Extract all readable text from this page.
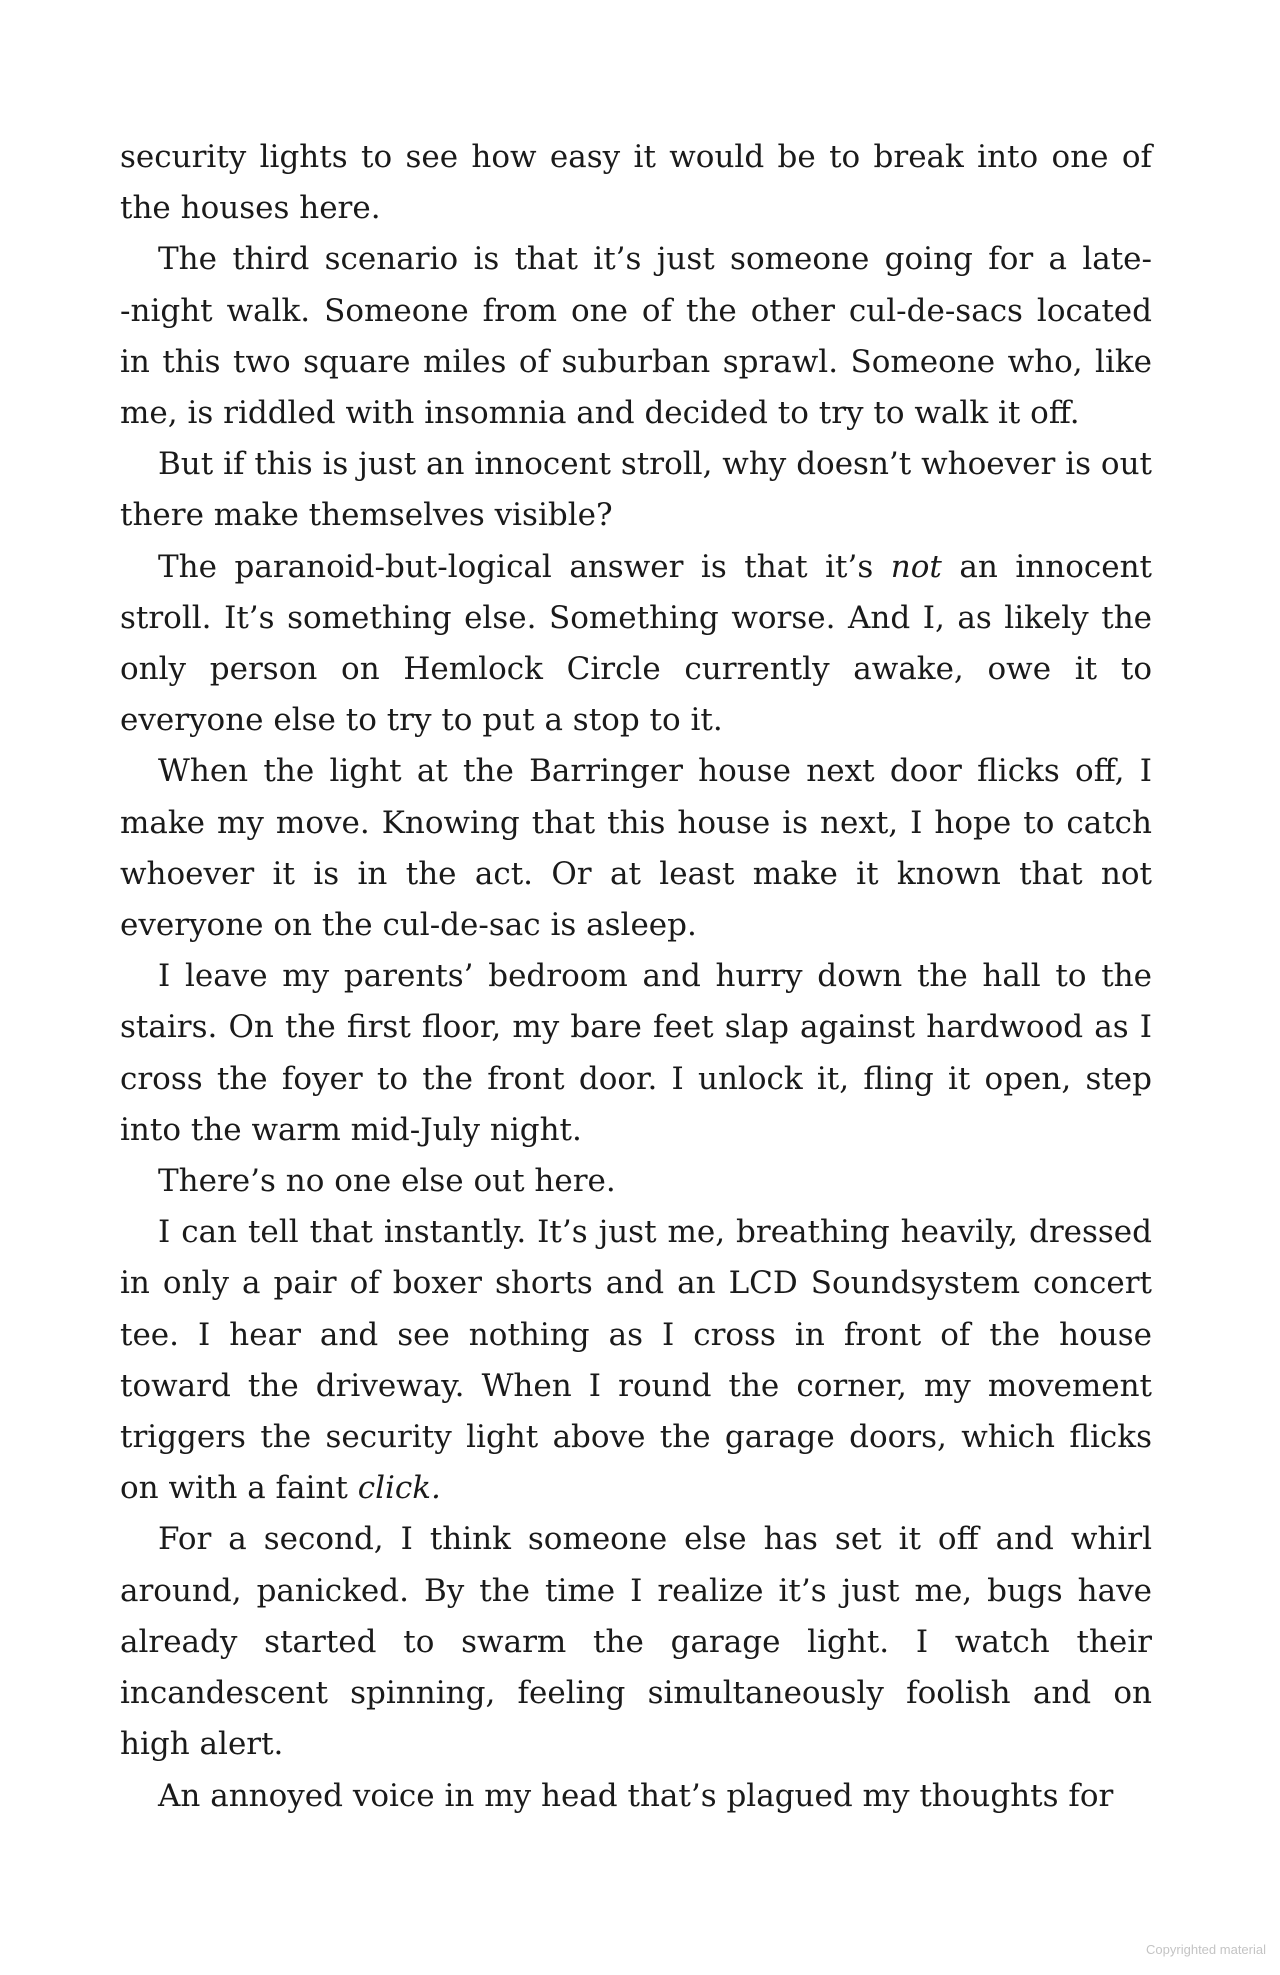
security lights to see how easy it would be to break into one of the houses here.

The third scenario is that it’s just someone going for a late-‑night walk. Someone from one of the other cul-de-sacs located in this two square miles of suburban sprawl. Someone who, like me, is riddled with insomnia and decided to try to walk it off.

But if this is just an innocent stroll, why doesn’t whoever is out there make themselves visible?

The paranoid-but-logical answer is that it’s not an innocent stroll. It’s something else. Something worse. And I, as likely the only person on Hemlock Circle currently awake, owe it to everyone else to try to put a stop to it.

When the light at the Barringer house next door flicks off, I make my move. Knowing that this house is next, I hope to catch whoever it is in the act. Or at least make it known that not everyone on the cul-de-sac is asleep.

I leave my parents’ bedroom and hurry down the hall to the stairs. On the first floor, my bare feet slap against hardwood as I cross the foyer to the front door. I unlock it, fling it open, step into the warm mid-July night.

There’s no one else out here.

I can tell that instantly. It’s just me, breathing heavily, dressed in only a pair of boxer shorts and an LCD Soundsystem concert tee. I hear and see nothing as I cross in front of the house toward the driveway. When I round the corner, my movement triggers the security light above the garage doors, which flicks on with a faint click.

For a second, I think someone else has set it off and whirl around, panicked. By the time I realize it’s just me, bugs have already started to swarm the garage light. I watch their incandescent spinning, feeling simultaneously foolish and on high alert.

An annoyed voice in my head that’s plagued my thoughts for

Copyrighted material
